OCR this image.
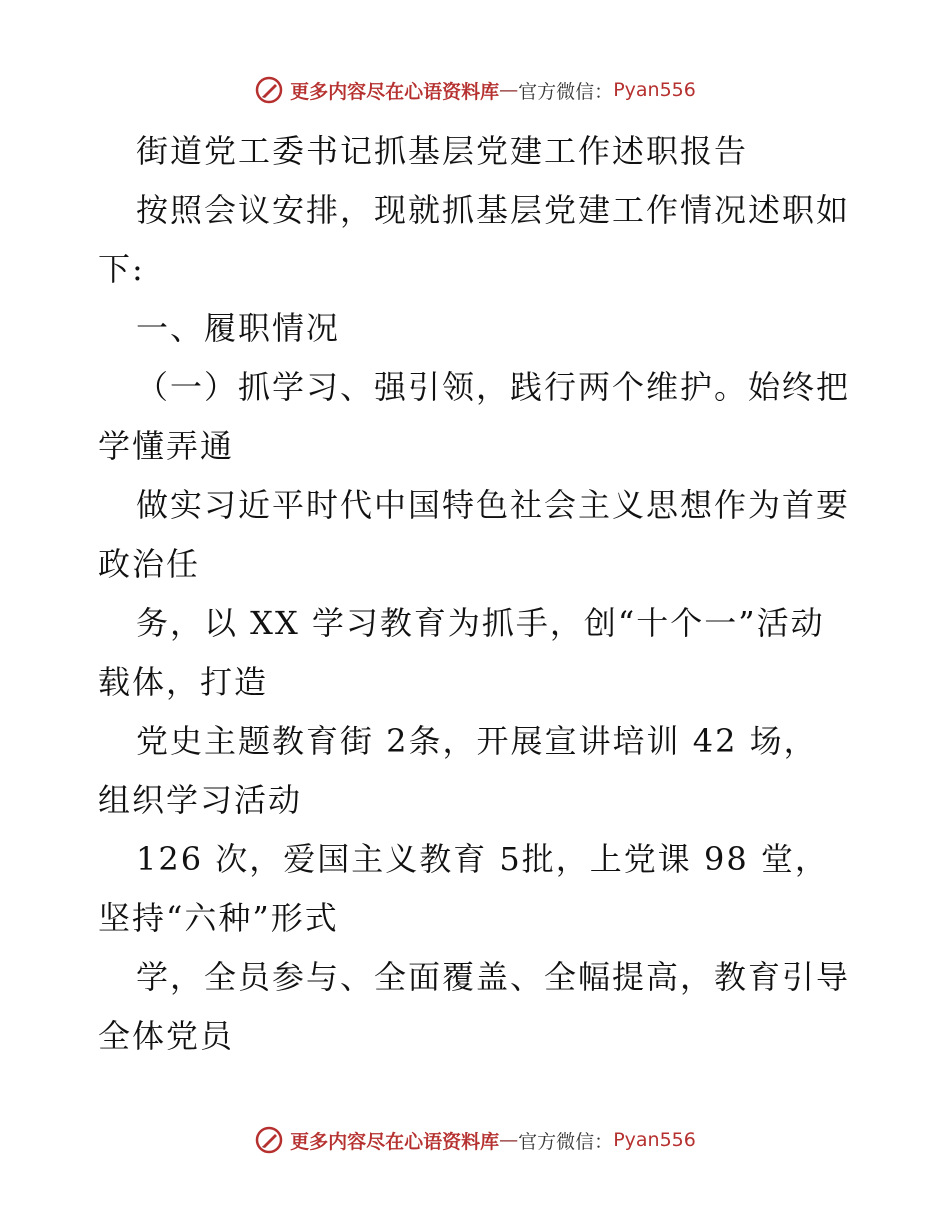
更多内容尽在心语资料库 — 官方微信： Pyan556
街道党工委书记抓基层党建工作述职报告
按照会议安排，现就抓基层党建工作情况述职如
下:
一、履职情况
（一）抓学习、强引领，践行两个维护。始终把
学懂弄通
做实习近平时代中国特色社会主义思想作为首要
政治任
务，以 XX 学习教育为抓手，创“十个一”活动
载体，打造
党史主题教育街 2条，开展宣讲培训 42 场，
组织学习活动
126 次，爱国主义教育 5批，上党课 98 堂，
坚持“六种”形式
学，全员参与、全面覆盖、全幅提高，教育引导
全体党员
更多内容尽在心语资料库 — 官方微信： Pyan556
